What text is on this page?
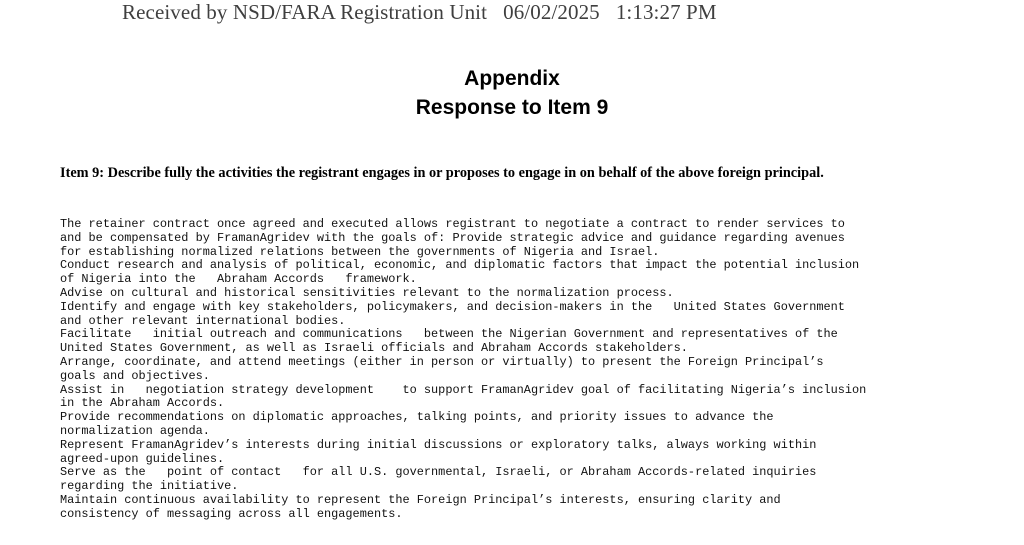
Received by NSD/FARA Registration Unit   06/02/2025   1:13:27 PM
Appendix
Response to Item 9
Item 9: Describe fully the activities the registrant engages in or proposes to engage in on behalf of the above foreign principal.
The retainer contract once agreed and executed allows registrant to negotiate a contract to render services to
and be compensated by FramanAgridev with the goals of: Provide strategic advice and guidance regarding avenues
for establishing normalized relations between the governments of Nigeria and Israel.
Conduct research and analysis of political, economic, and diplomatic factors that impact the potential inclusion
of Nigeria into the   Abraham Accords   framework.
Advise on cultural and historical sensitivities relevant to the normalization process.
Identify and engage with key stakeholders, policymakers, and decision-makers in the   United States Government
and other relevant international bodies.
Facilitate   initial outreach and communications   between the Nigerian Government and representatives of the
United States Government, as well as Israeli officials and Abraham Accords stakeholders.
Arrange, coordinate, and attend meetings (either in person or virtually) to present the Foreign Principal’s
goals and objectives.
Assist in   negotiation strategy development    to support FramanAgridev goal of facilitating Nigeria’s inclusion
in the Abraham Accords.
Provide recommendations on diplomatic approaches, talking points, and priority issues to advance the
normalization agenda.
Represent FramanAgridev’s interests during initial discussions or exploratory talks, always working within
agreed-upon guidelines.
Serve as the   point of contact   for all U.S. governmental, Israeli, or Abraham Accords-related inquiries
regarding the initiative.
Maintain continuous availability to represent the Foreign Principal’s interests, ensuring clarity and
consistency of messaging across all engagements.
